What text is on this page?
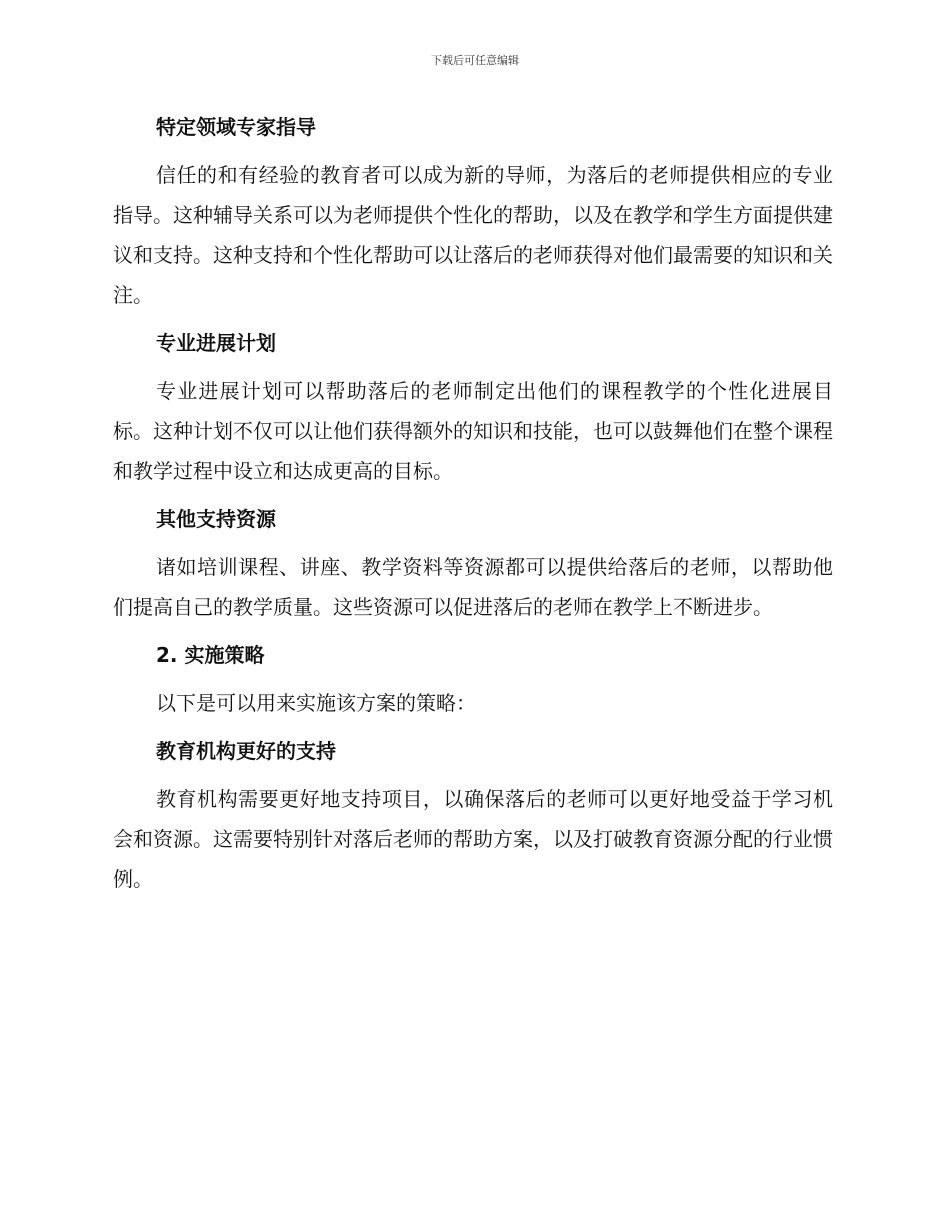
下载后可任意编辑
特定领域专家指导

信任的和有经验的教育者可以成为新的导师，为落后的老师提供相应的专业指导。这种辅导关系可以为老师提供个性化的帮助，以及在教学和学生方面提供建议和支持。这种支持和个性化帮助可以让落后的老师获得对他们最需要的知识和关注。

专业进展计划

专业进展计划可以帮助落后的老师制定出他们的课程教学的个性化进展目标。这种计划不仅可以让他们获得额外的知识和技能，也可以鼓舞他们在整个课程和教学过程中设立和达成更高的目标。

其他支持资源

诸如培训课程、讲座、教学资料等资源都可以提供给落后的老师，以帮助他们提高自己的教学质量。这些资源可以促进落后的老师在教学上不断进步。

2. 实施策略

以下是可以用来实施该方案的策略：

教育机构更好的支持

教育机构需要更好地支持项目，以确保落后的老师可以更好地受益于学习机会和资源。这需要特别针对落后老师的帮助方案，以及打破教育资源分配的行业惯例。
